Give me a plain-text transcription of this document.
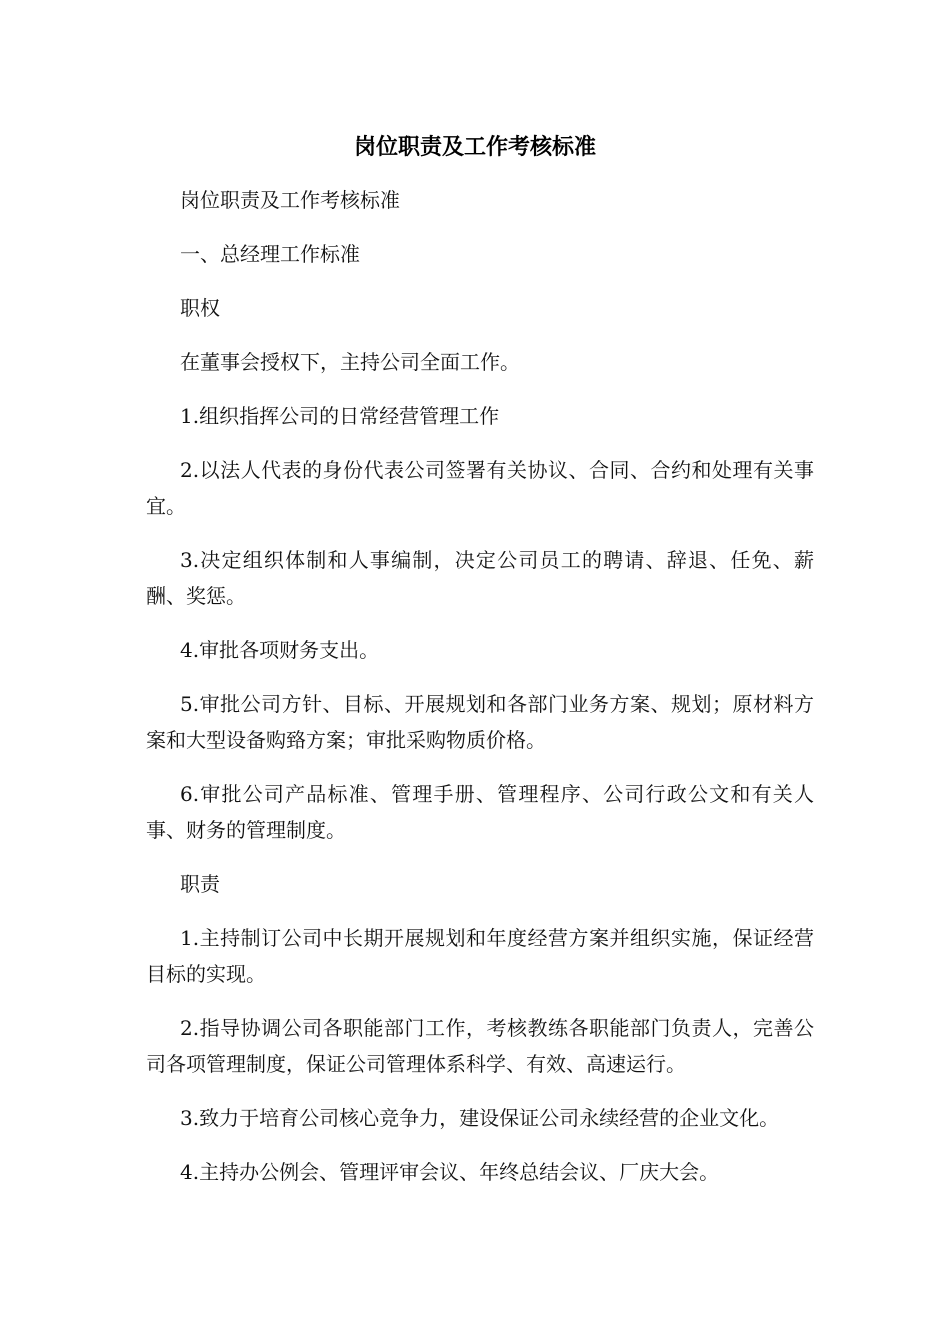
岗位职责及工作考核标准

岗位职责及工作考核标准

一、总经理工作标准

职权

在董事会授权下，主持公司全面工作。

1.组织指挥公司的日常经营管理工作

2.以法人代表的身份代表公司签署有关协议、合同、合约和处理有关事宜。

3.决定组织体制和人事编制，决定公司员工的聘请、辞退、任免、薪酬、奖惩。

4.审批各项财务支出。

5.审批公司方针、目标、开展规划和各部门业务方案、规划；原材料方案和大型设备购臵方案；审批采购物质价格。

6.审批公司产品标准、管理手册、管理程序、公司行政公文和有关人事、财务的管理制度。

职责

1.主持制订公司中长期开展规划和年度经营方案并组织实施，保证经营目标的实现。

2.指导协调公司各职能部门工作，考核教练各职能部门负责人，完善公司各项管理制度，保证公司管理体系科学、有效、高速运行。

3.致力于培育公司核心竞争力，建设保证公司永续经营的企业文化。

4.主持办公例会、管理评审会议、年终总结会议、厂庆大会。
